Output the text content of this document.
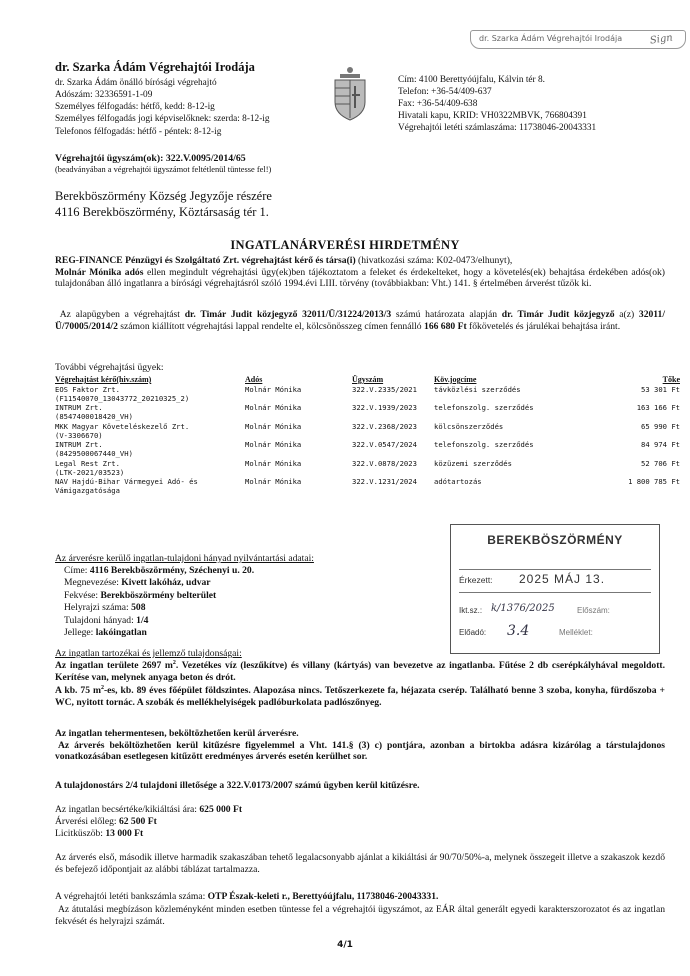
dr. Szarka Ádám Végrehajtói Irodája	Sign
dr. Szarka Ádám Végrehajtói Irodája
dr. Szarka Ádám önálló bírósági végrehajtó
Adószám: 32336591-1-09
Személyes félfogadás: hétfő, kedd: 8-12-ig
Személyes félfogadás jogi képviselőknek: szerda: 8-12-ig
Telefonos félfogadás: hétfő - péntek: 8-12-ig
Cím: 4100 Berettyóújfalu, Kálvin tér 8.
Telefon: +36-54/409-637
Fax: +36-54/409-638
Hivatali kapu, KRID: VH0322MBVK, 766804391
Végrehajtói letéti számlaszáma: 11738046-20043331
Végrehajtói ügyszám(ok): 322.V.0095/2014/65
(beadványában a végrehajtói ügyszámot feltétlenül tüntesse fel!)
Berekböszörmény Község Jegyzője részére
4116 Berekböszörmény, Köztársaság tér 1.
INGATLANÁRVERÉSI HIRDETMÉNY
REG-FINANCE Pénzügyi és Szolgáltató Zrt. végrehajtást kérő és társa(i) (hivatkozási száma: K02-0473/elhunyt),
Molnár Mónika adós ellen megindult végrehajtási ügy(ek)ben tájékoztatom a feleket és érdekelteket, hogy a követelés(ek) behajtása érdekében adós(ok) tulajdonában álló ingatlanra a bírósági végrehajtásról szóló 1994.évi LIII. törvény (továbbiakban: Vht.) 141. § értelmében árverést tűzök ki.
Az alapügyben a végrehajtást dr. Timár Judit közjegyző 32011/Ü/31224/2013/3 számú határozata alapján dr. Timár Judit közjegyző a(z) 32011/Ü/70005/2014/2 számon kiállított végrehajtási lappal rendelte el, kölcsönösszeg címen fennálló 166 680 Ft főkövetelés és járulékai behajtása iránt.
További végrehajtási ügyek:
Végrehajtást kérő(hiv.szám)	Adós	Ügyszám	Köv.jogcíme	Tőke

EOS Faktor Zrt.
(F11540070_13043772_20210325_2)	Molnár Mónika	322.V.2335/2021	távközlési szerződés	53 301 Ft

INTRUM Zrt.
(8547400018420_VH)	Molnár Mónika	322.V.1939/2023	telefonszolg. szerződés	163 166 Ft

MKK Magyar Követeléskezelő Zrt.
(V-3306670)	Molnár Mónika	322.V.2368/2023	kölcsönszerződés	65 990 Ft

INTRUM Zrt.
(8429500067440_VH)	Molnár Mónika	322.V.0547/2024	telefonszolg. szerződés	84 974 Ft

Legal Rest Zrt.
(LTK-2021/03523)	Molnár Mónika	322.V.0878/2023	közüzemi szerződés	52 706 Ft

NAV Hajdú-Bihar Vármegyei Adó- és
Vámigazgatósága	Molnár Mónika	322.V.1231/2024	adótartozás	1 800 785 Ft
Az árverésre kerülő ingatlan-tulajdoni hányad nyilvántartási adatai:
Címe: 4116 Berekböszörmény, Széchenyi u. 20.
Megnevezése: Kivett lakóház, udvar
Fekvése: Berekböszörmény belterület
Helyrajzi száma: 508
Tulajdoni hányad: 1/4
Jellege: lakóingatlan
BEREKBÖSZÖRMÉNY
Érkezett: 2025 MÁJ 13.
Ikt.sz.: k/1376/2025	Előszám:
Előadó: 3.4	Melléklet:
Az ingatlan tartozékai és jellemző tulajdonságai:
Az ingatlan területe 2697 $m^2$. Vezetékes víz (leszűkítve) és villany (kártyás) van bevezetve az ingatlanba. Fűtése 2 db cserépkályhával megoldott. Kerítése van, melynek anyaga beton és drót.
A kb. 75 $m^2-es$, kb. 89 éves főépület földszintes. Alapozása nincs. Tetőszerkezete fa, héjazata cserép. Található benne 3 szoba, konyha, fürdőszoba + WC, nyitott tornác. A szobák és mellékhelyiségek padlóburkolata padlószőnyeg.
Az ingatlan tehermentesen, beköltözhetően kerül árverésre.
Az árverés beköltözhetően kerül kitűzésre figyelemmel a Vht. 141.§ (3) c) pontjára, azonban a birtokba adásra kizárólag a társtulajdonos vonatkozásában esetlegesen kitűzött eredményes árverés esetén kerülhet sor.
A tulajdonostárs 2/4 tulajdoni illetősége a 322.V.0173/2007 számú ügyben kerül kitűzésre.
Az ingatlan becsértéke/kikiáltási ára: 625 000 Ft
Árverési előleg: 62 500 Ft
Licitküszöb: 13 000 Ft
Az árverés első, második illetve harmadik szakaszában tehető legalacsonyabb ajánlat a kikiáltási ár 90/70/50%-a, melynek összegeit illetve a szakaszok kezdő és befejező időpontjait az alábbi táblázat tartalmazza.
A végrehajtói letéti bankszámla száma: OTP Észak-keleti r., Berettyóújfalu, 11738046-20043331.
Az átutalási megbízáson közleményként minden esetben tüntesse fel a végrehajtói ügyszámot, az EÁR által generált egyedi karakterszorozatot és az ingatlan fekvését és helyrajzi számát.
4/1
